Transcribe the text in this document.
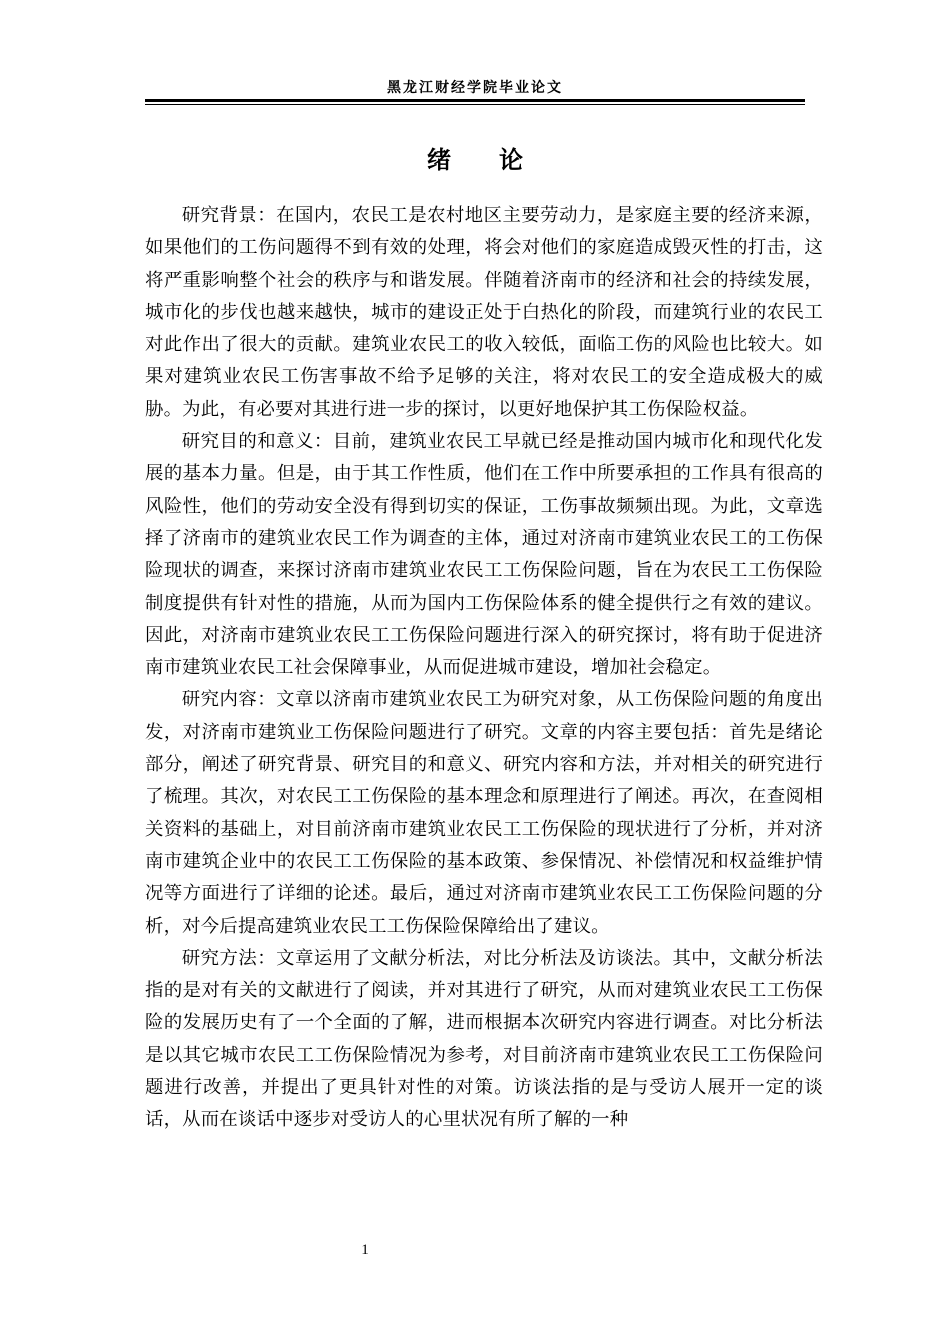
黑龙江财经学院毕业论文
绪　　论

研究背景：在国内，农民工是农村地区主要劳动力，是家庭主要的经济来源，如果他们的工伤问题得不到有效的处理，将会对他们的家庭造成毁灭性的打击，这将严重影响整个社会的秩序与和谐发展。伴随着济南市的经济和社会的持续发展，城市化的步伐也越来越快，城市的建设正处于白热化的阶段，而建筑行业的农民工对此作出了很大的贡献。建筑业农民工的收入较低，面临工伤的风险也比较大。如果对建筑业农民工伤害事故不给予足够的关注，将对农民工的安全造成极大的威胁。为此，有必要对其进行进一步的探讨，以更好地保护其工伤保险权益。

研究目的和意义：目前，建筑业农民工早就已经是推动国内城市化和现代化发展的基本力量。但是，由于其工作性质，他们在工作中所要承担的工作具有很高的风险性，他们的劳动安全没有得到切实的保证，工伤事故频频出现。为此，文章选择了济南市的建筑业农民工作为调查的主体，通过对济南市建筑业农民工的工伤保险现状的调查，来探讨济南市建筑业农民工工伤保险问题，旨在为农民工工伤保险制度提供有针对性的措施，从而为国内工伤保险体系的健全提供行之有效的建议。因此，对济南市建筑业农民工工伤保险问题进行深入的研究探讨，将有助于促进济南市建筑业农民工社会保障事业，从而促进城市建设，增加社会稳定。

研究内容：文章以济南市建筑业农民工为研究对象，从工伤保险问题的角度出发，对济南市建筑业工伤保险问题进行了研究。文章的内容主要包括：首先是绪论部分，阐述了研究背景、研究目的和意义、研究内容和方法，并对相关的研究进行了梳理。其次，对农民工工伤保险的基本理念和原理进行了阐述。再次，在查阅相关资料的基础上，对目前济南市建筑业农民工工伤保险的现状进行了分析，并对济南市建筑企业中的农民工工伤保险的基本政策、参保情况、补偿情况和权益维护情况等方面进行了详细的论述。最后，通过对济南市建筑业农民工工伤保险问题的分析，对今后提高建筑业农民工工伤保险保障给出了建议。

研究方法：文章运用了文献分析法，对比分析法及访谈法。其中，文献分析法指的是对有关的文献进行了阅读，并对其进行了研究，从而对建筑业农民工工伤保险的发展历史有了一个全面的了解，进而根据本次研究内容进行调查。对比分析法是以其它城市农民工工伤保险情况为参考，对目前济南市建筑业农民工工伤保险问题进行改善，并提出了更具针对性的对策。访谈法指的是与受访人展开一定的谈话，从而在谈话中逐步对受访人的心里状况有所了解的一种

1
